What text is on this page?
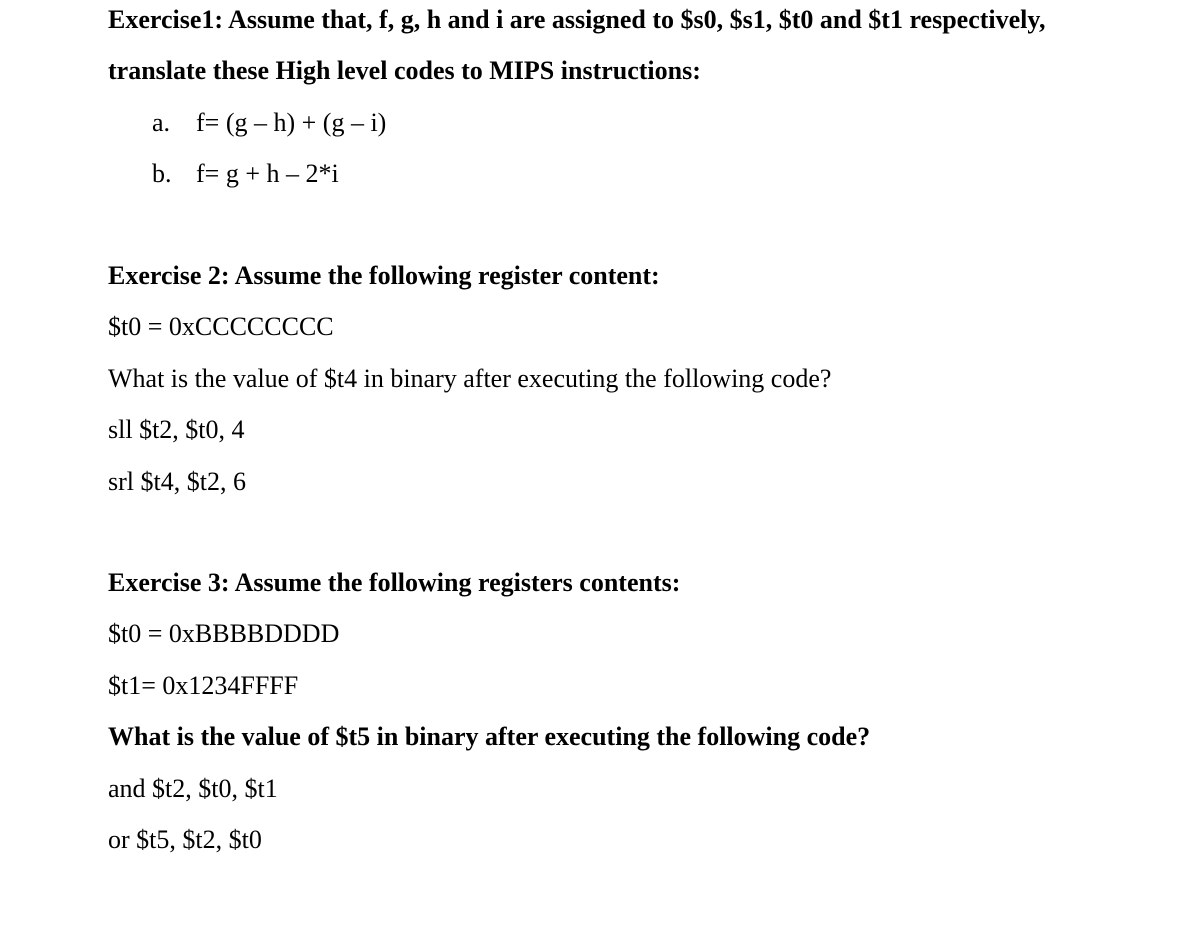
Exercise1: Assume that, f, g, h and i are assigned to $s0, $s1, $t0 and $t1 respectively,
translate these High level codes to MIPS instructions:
a. f= (g – h) + (g – i)
b. f= g + h – 2*i
Exercise 2: Assume the following register content:
$t0 = 0xCCCCCCCC
What is the value of $t4 in binary after executing the following code?
sll $t2, $t0, 4
srl $t4, $t2, 6
Exercise 3: Assume the following registers contents:
$t0 = 0xBBBBDDDD
$t1= 0x1234FFFF
What is the value of $t5 in binary after executing the following code?
and $t2, $t0, $t1
or $t5, $t2, $t0
